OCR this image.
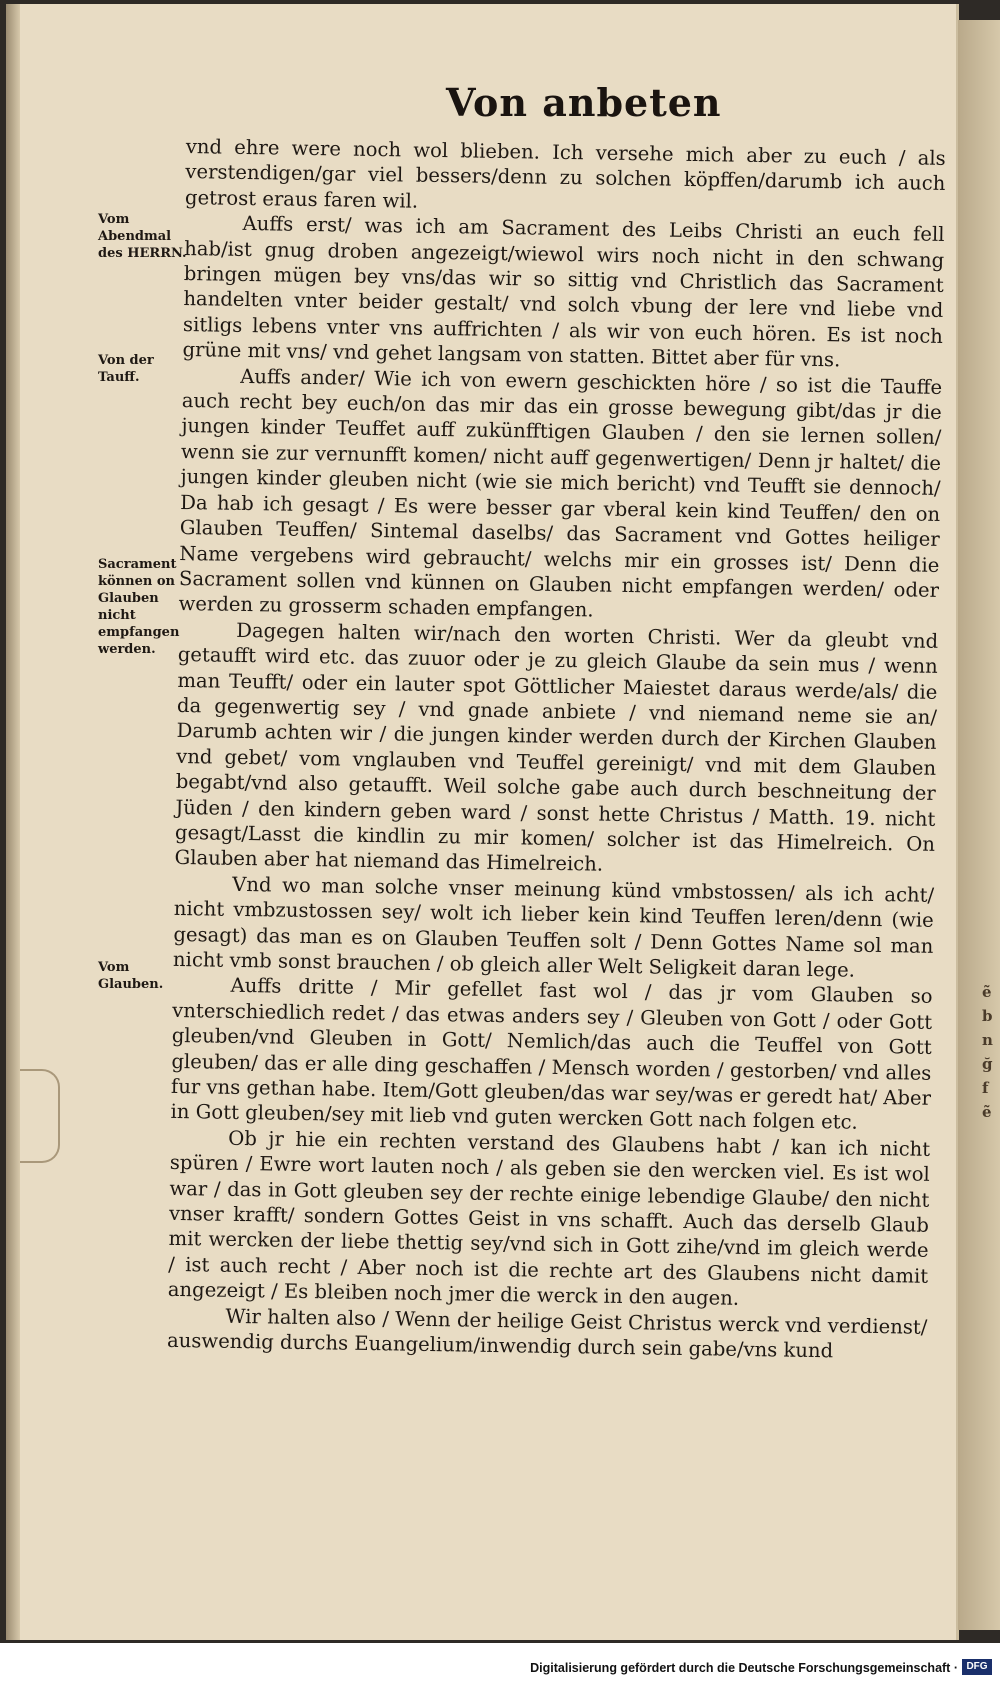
Von anbeten
Vom Abendmal des HERRN.
Von der Tauff.
Sacrament können on Glauben nicht empfangen werden.
Vom Glauben.

vnd ehre were noch wol blieben. Ich versehe mich aber zu euch / als verstendigen/gar viel bessers/denn zu solchen köpffen/darumb ich auch getrost eraus faren wil.

Auffs erst/ was ich am Sacrament des Leibs Christi an euch fell hab/ist gnug droben angezeigt/wiewol wirs noch nicht in den schwang bringen mügen bey vns/das wir so sittig vnd Christlich das Sacrament handelten vnter beider gestalt/ vnd solch vbung der lere vnd liebe vnd sitligs lebens vnter vns auffrichten / als wir von euch hören. Es ist noch grüne mit vns/ vnd gehet langsam von statten. Bittet aber für vns.

Auffs ander/ Wie ich von ewern geschickten höre / so ist die Tauffe auch recht bey euch/on das mir das ein grosse bewegung gibt/das jr die jungen kinder Teuffet auff zukünfftigen Glauben / den sie lernen sollen/ wenn sie zur vernunfft komen/ nicht auff gegenwertigen/ Denn jr haltet/ die jungen kinder gleuben nicht (wie sie mich bericht) vnd Teufft sie dennoch/ Da hab ich gesagt / Es were besser gar vberal kein kind Teuffen/ den on Glauben Teuffen/ Sintemal daselbs/ das Sacrament vnd Gottes heiliger Name vergebens wird gebraucht/ welchs mir ein grosses ist/ Denn die Sacrament sollen vnd künnen on Glauben nicht empfangen werden/ oder werden zu grosserm schaden empfangen.

Dagegen halten wir/nach den worten Christi. Wer da gleubt vnd getaufft wird etc. das zuuor oder je zu gleich Glaube da sein mus / wenn man Teufft/ oder ein lauter spot Göttlicher Maiestet daraus werde/als/ die da gegenwertig sey / vnd gnade anbiete / vnd niemand neme sie an/ Darumb achten wir / die jungen kinder werden durch der Kirchen Glauben vnd gebet/ vom vnglauben vnd Teuffel gereinigt/ vnd mit dem Glauben begabt/vnd also getaufft. Weil solche gabe auch durch beschneitung der Jüden / den kindern geben ward / sonst hette Christus / Matth. 19. nicht gesagt/Lasst die kindlin zu mir komen/ solcher ist das Himelreich. On Glauben aber hat niemand das Himelreich.

Vnd wo man solche vnser meinung künd vmbstossen/ als ich acht/ nicht vmbzustossen sey/ wolt ich lieber kein kind Teuffen leren/denn (wie gesagt) das man es on Glauben Teuffen solt / Denn Gottes Name sol man nicht vmb sonst brauchen / ob gleich aller Welt Seligkeit daran lege.

Auffs dritte / Mir gefellet fast wol / das jr vom Glauben so vnterschiedlich redet / das etwas anders sey / Gleuben von Gott / oder Gott gleuben/vnd Gleuben in Gott/ Nemlich/das auch die Teuffel von Gott gleuben/ das er alle ding geschaffen / Mensch worden / gestorben/ vnd alles fur vns gethan habe. Item/Gott gleuben/das war sey/was er geredt hat/ Aber in Gott gleuben/sey mit lieb vnd guten wercken Gott nach folgen etc.

Ob jr hie ein rechten verstand des Glaubens habt / kan ich nicht spüren / Ewre wort lauten noch / als geben sie den wercken viel. Es ist wol war / das in Gott gleuben sey der rechte einige lebendige Glaube/ den nicht vnser krafft/ sondern Gottes Geist in vns schafft. Auch das derselb Glaub mit wercken der liebe thettig sey/vnd sich in Gott zihe/vnd im gleich werde / ist auch recht / Aber noch ist die rechte art des Glaubens nicht damit angezeigt / Es bleiben noch jmer die werck in den augen.

Wir halten also / Wenn der heilige Geist Christus werck vnd verdienst/ auswendig durchs Euangelium/inwendig durch sein gabe/vns kund

ẽ
b
n
ğ
f
ẽ
Digitalisierung gefördert durch die Deutsche Forschungsgemeinschaft · DFG
